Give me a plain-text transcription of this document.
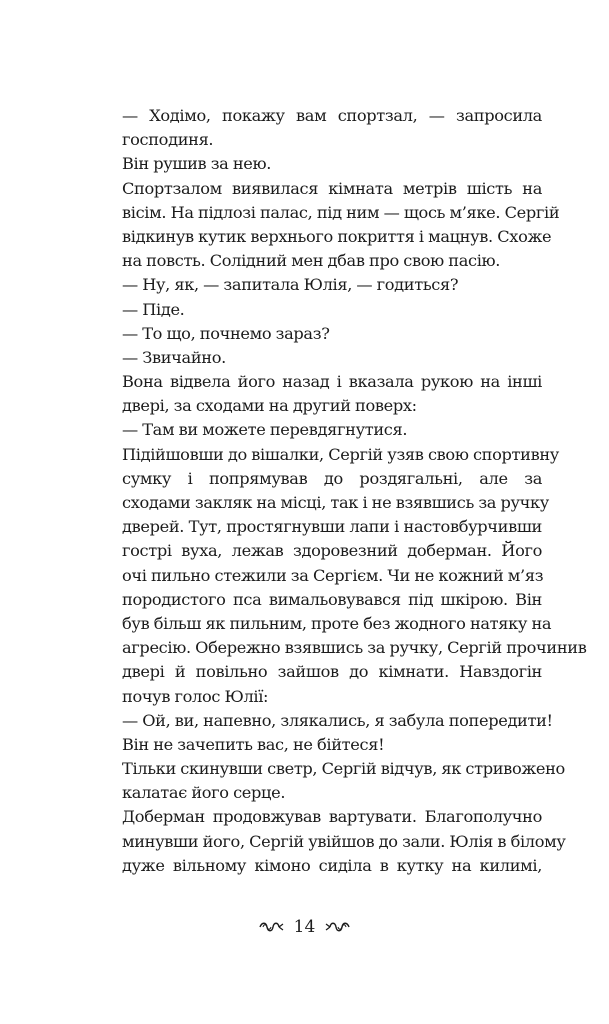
— Ходімо, покажу вам спортзал, — запросила
господиня.
Він рушив за нею.
Спортзалом виявилася кімната метрів шість на
вісім. На підлозі палас, під ним — щось м’яке. Сергій
відкинув кутик верхнього покриття і мацнув. Схоже
на повсть. Солідний мен дбав про свою пасію.
— Ну, як, — запитала Юлія, — годиться?
— Піде.
— То що, почнемо зараз?
— Звичайно.
Вона відвела його назад і вказала рукою на інші
двері, за сходами на другий поверх:
— Там ви можете перевдягнутися.
Підійшовши до вішалки, Сергій узяв свою спортивну
сумку і попрямував до роздягальні, але за
сходами закляк на місці, так і не взявшись за ручку
дверей. Тут, простягнувши лапи і настовбурчивши
гострі вуха, лежав здоровезний доберман. Його
очі пильно стежили за Сергієм. Чи не кожний м’яз
породистого пса вимальовувався під шкірою. Він
був більш як пильним, проте без жодного натяку на
агресію. Обережно взявшись за ручку, Сергій прочинив
двері й повільно зайшов до кімнати. Навздогін
почув голос Юлії:
— Ой, ви, напевно, злякались, я забула попередити!
Він не зачепить вас, не бійтеся!
Тільки скинувши светр, Сергій відчув, як стривожено
калатає його серце.
Доберман продовжував вартувати. Благополучно
минувши його, Сергій увійшов до зали. Юлія в білому
дуже вільному кімоно сиділа в кутку на килимі,
14
